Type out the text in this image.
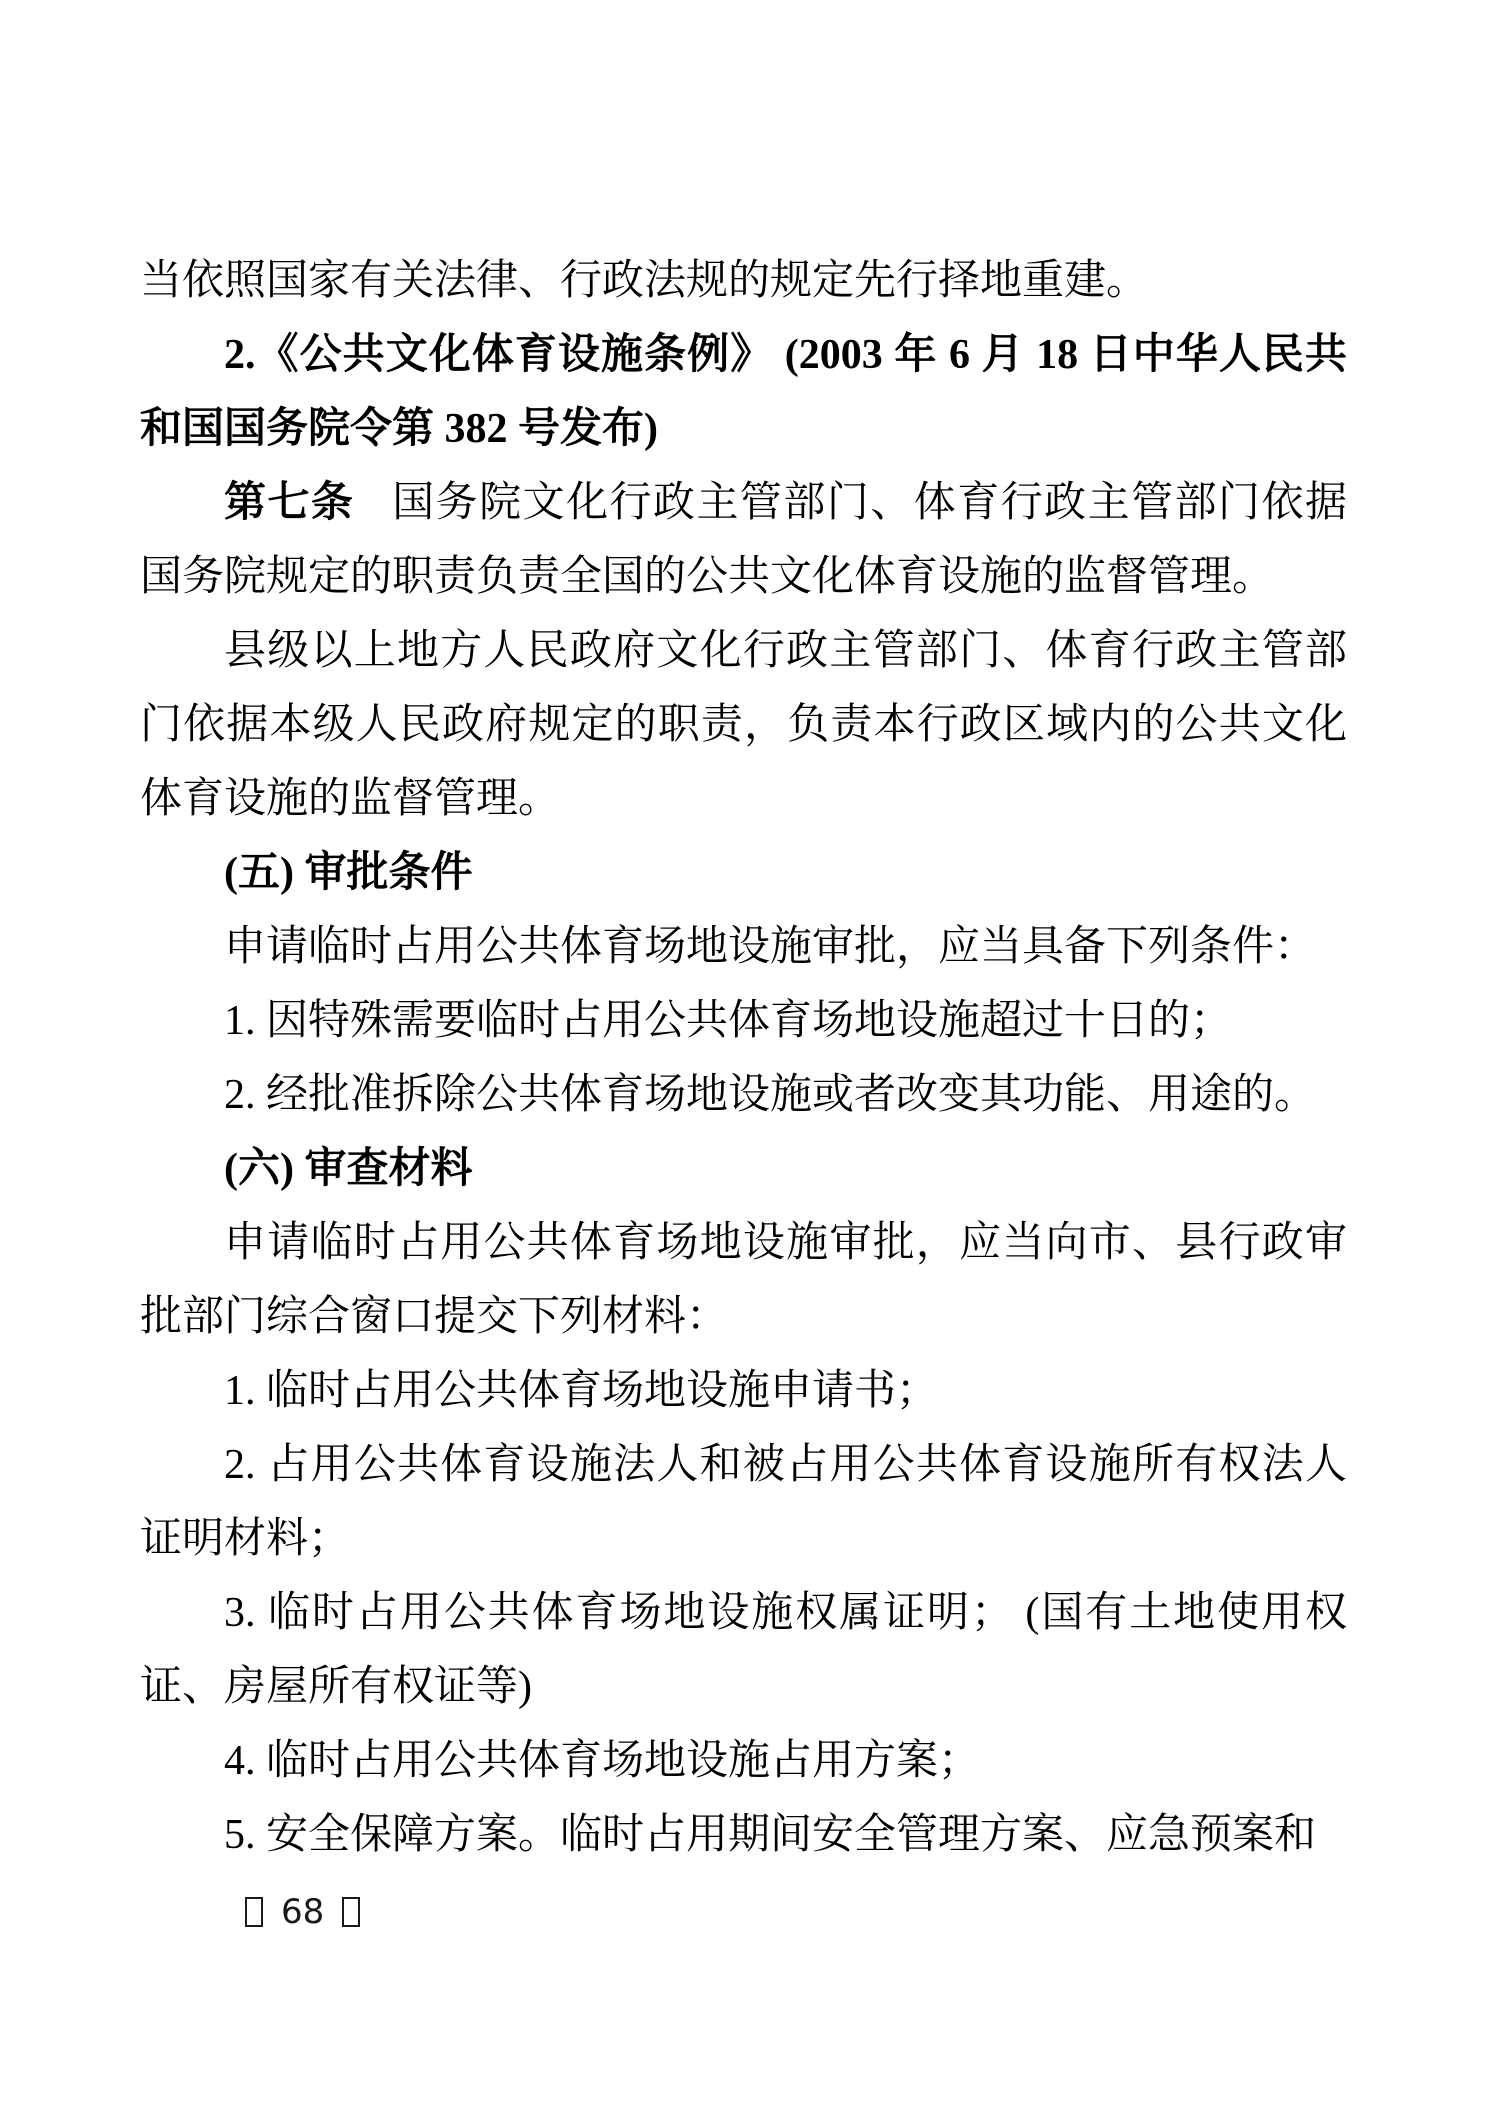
当依照国家有关法律、行政法规的规定先行择地重建。

2.《公共文化体育设施条例》 (2003 年 6 月 18 日中华人民共和国国务院令第 382 号发布)

第七条 国务院文化行政主管部门、体育行政主管部门依据国务院规定的职责负责全国的公共文化体育设施的监督管理。

县级以上地方人民政府文化行政主管部门、体育行政主管部门依据本级人民政府规定的职责，负责本行政区域内的公共文化体育设施的监督管理。

(五) 审批条件

申请临时占用公共体育场地设施审批，应当具备下列条件：

1. 因特殊需要临时占用公共体育场地设施超过十日的；

2. 经批准拆除公共体育场地设施或者改变其功能、用途的。

(六) 审查材料

申请临时占用公共体育场地设施审批，应当向市、县行政审批部门综合窗口提交下列材料：

1. 临时占用公共体育场地设施申请书；

2. 占用公共体育设施法人和被占用公共体育设施所有权法人证明材料；

3. 临时占用公共体育场地设施权属证明； (国有土地使用权证、房屋所有权证等)

4. 临时占用公共体育场地设施占用方案；

5. 安全保障方案。临时占用期间安全管理方案、应急预案和

68
